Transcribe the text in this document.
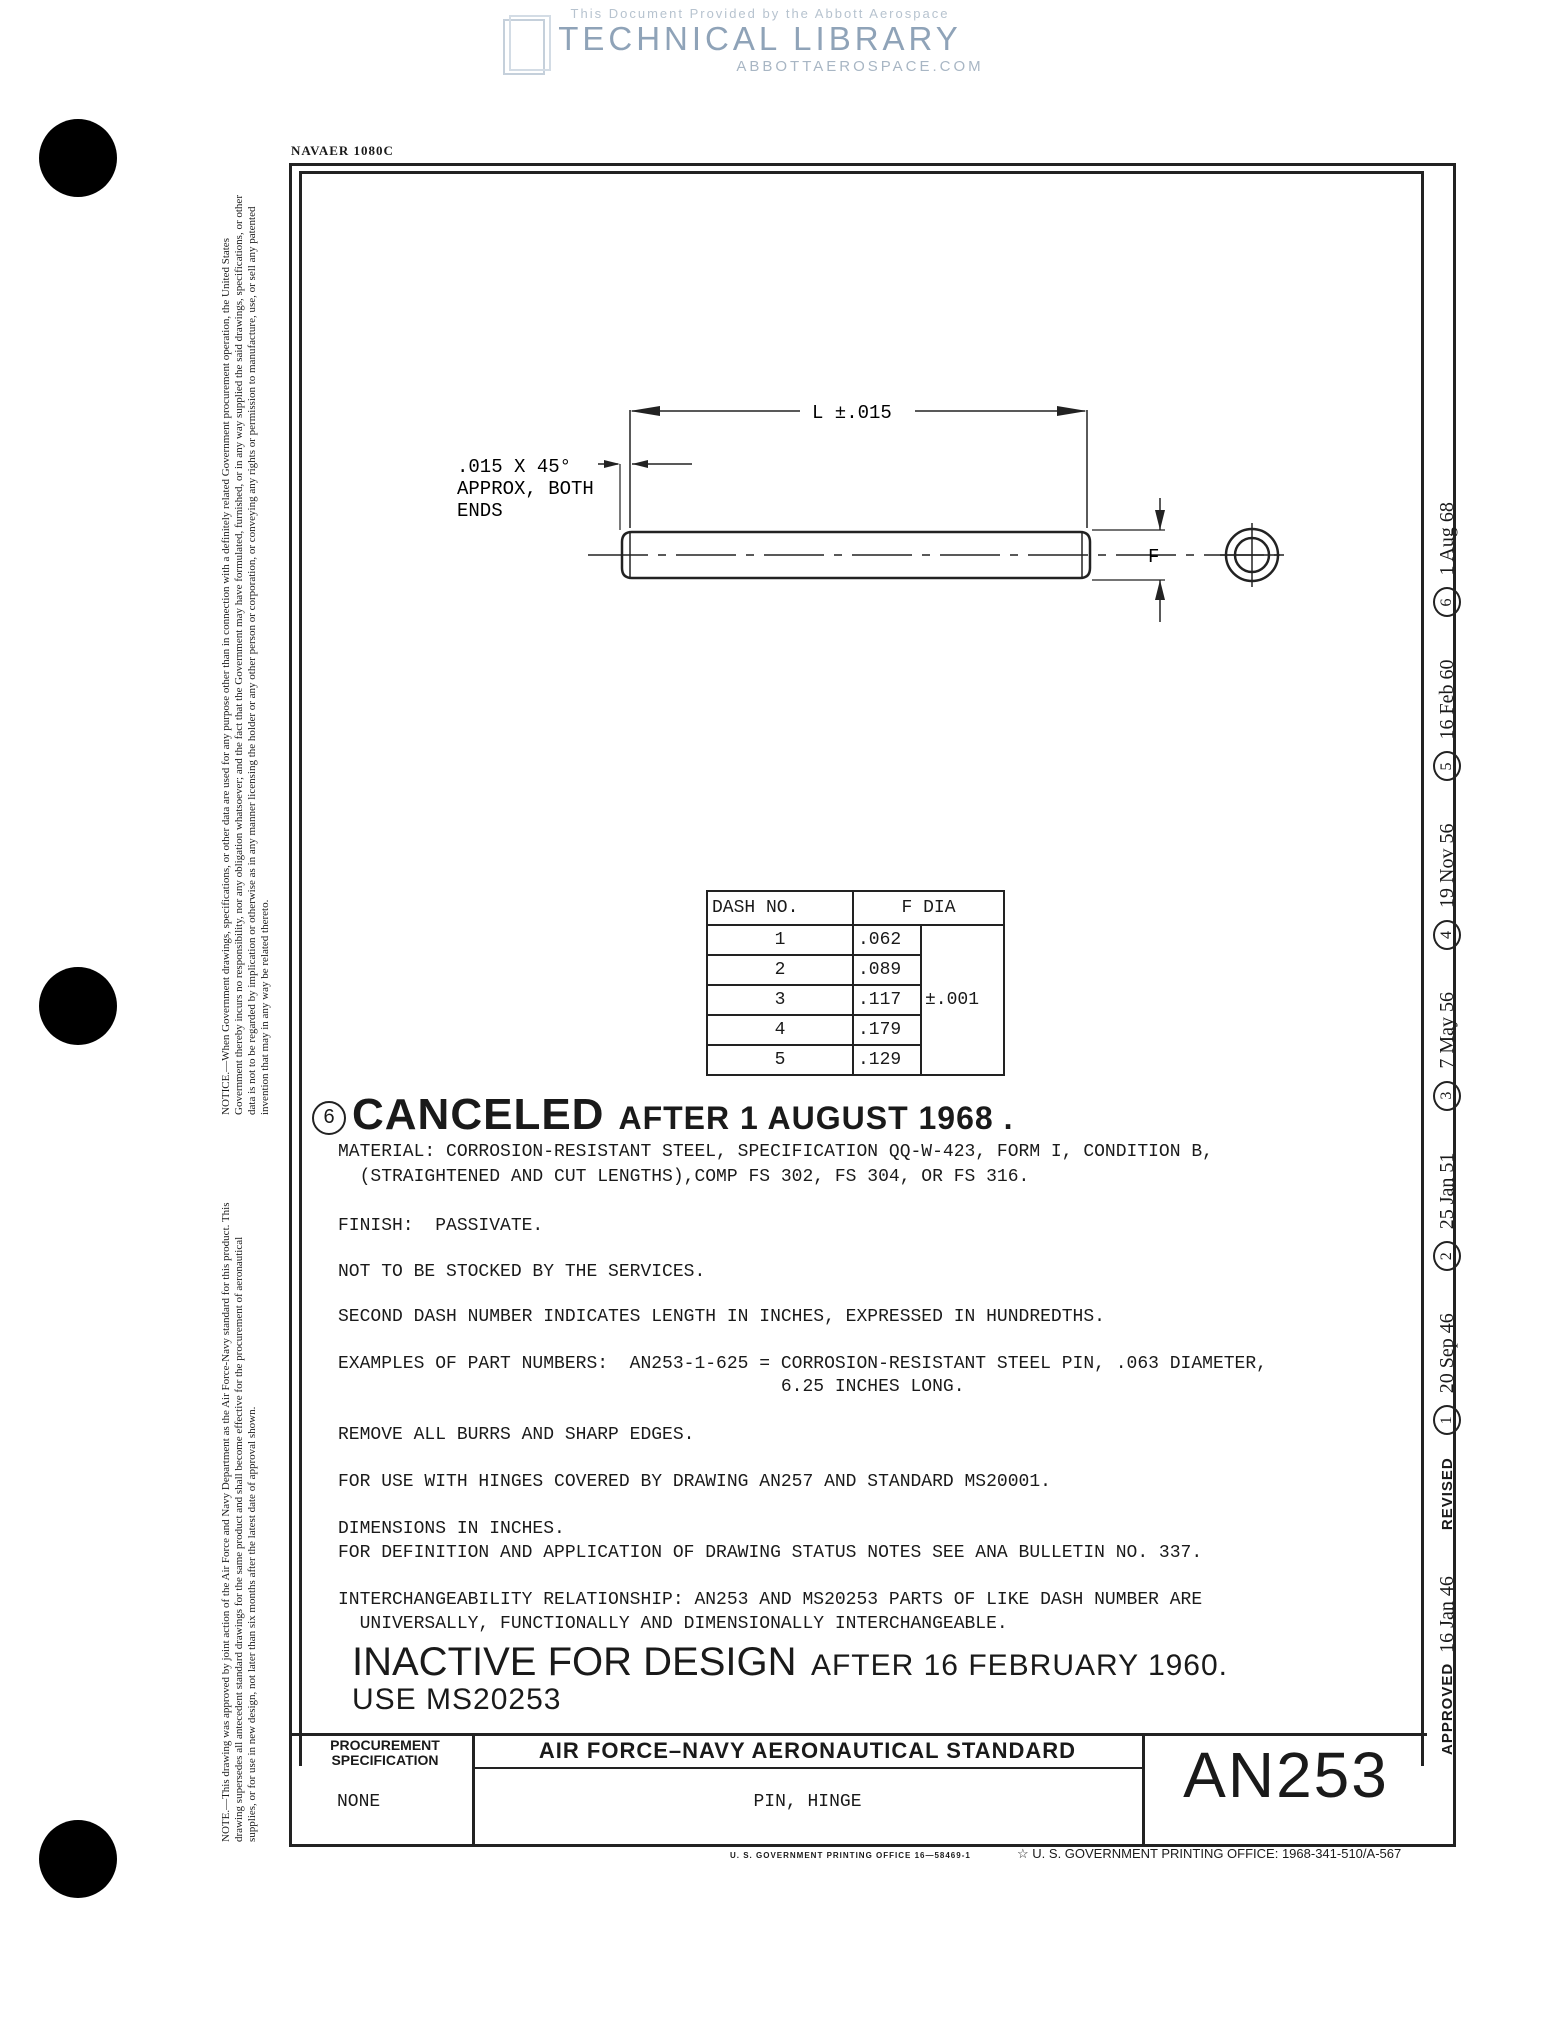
This Document Provided by the Abbott Aerospace
TECHNICAL LIBRARY
ABBOTTAEROSPACE.COM
NAVAER 1080C
NOTICE.—When Government drawings, specifications, or other data are used for any purpose other than in connection with a definitely related Government procurement operation, the United States Government thereby incurs no responsibility, nor any obligation whatsoever; and the fact that the Government may have formulated, furnished, or in any way supplied the said drawings, specifications, or other data is not to be regarded by implication or otherwise as in any manner licensing the holder or any other person or corporation, or conveying any rights or permission to manufacture, use, or sell any patented invention that may in any way be related thereto.
NOTE.—This drawing was approved by joint action of the Air Force and Navy Department as the Air Force-Navy standard for this product. This drawing supersedes all antecedent standard drawings for the same product and shall become effective for the procurement of aeronautical supplies, or for use in new design, not later than six months after the latest date of approval shown.	APPROVED
16 Jan 46
REVISED
1
20 Sep 46
2
25 Jan 51
3
7 May 56
4
19 Nov 56
5
16 Feb 60
6
1 Aug 68
L ±.015
.015 X 45°
APPROX, BOTH
ENDS
F
DASH NO.	F DIA	
1	.062	±.001
2	.089	
3	.117	
4	.179	
5	.129	
6 CANCELED AFTER 1 AUGUST 1968 .
MATERIAL: CORROSION-RESISTANT STEEL, SPECIFICATION QQ-W-423, FORM I, CONDITION B,
(STRAIGHTENED AND CUT LENGTHS),COMP FS 302, FS 304, OR FS 316.
FINISH:  PASSIVATE.
NOT TO BE STOCKED BY THE SERVICES.
SECOND DASH NUMBER INDICATES LENGTH IN INCHES, EXPRESSED IN HUNDREDTHS.
EXAMPLES OF PART NUMBERS:  AN253-1-625 = CORROSION-RESISTANT STEEL PIN, .063 DIAMETER,
6.25 INCHES LONG.
REMOVE ALL BURRS AND SHARP EDGES.
FOR USE WITH HINGES COVERED BY DRAWING AN257 AND STANDARD MS20001.
DIMENSIONS IN INCHES.
FOR DEFINITION AND APPLICATION OF DRAWING STATUS NOTES SEE ANA BULLETIN NO. 337.
INTERCHANGEABILITY RELATIONSHIP: AN253 AND MS20253 PARTS OF LIKE DASH NUMBER ARE
UNIVERSALLY, FUNCTIONALLY AND DIMENSIONALLY INTERCHANGEABLE.
INACTIVE FOR DESIGN AFTER 16 FEBRUARY 1960.
USE MS20253
PROCUREMENT SPECIFICATION
NONE
AIR FORCE–NAVY AERONAUTICAL STANDARD
PIN, HINGE	AN253
U. S. GOVERNMENT PRINTING OFFICE 16—58469-1	☆ U. S. GOVERNMENT PRINTING OFFICE: 1968-341-510/A-567
